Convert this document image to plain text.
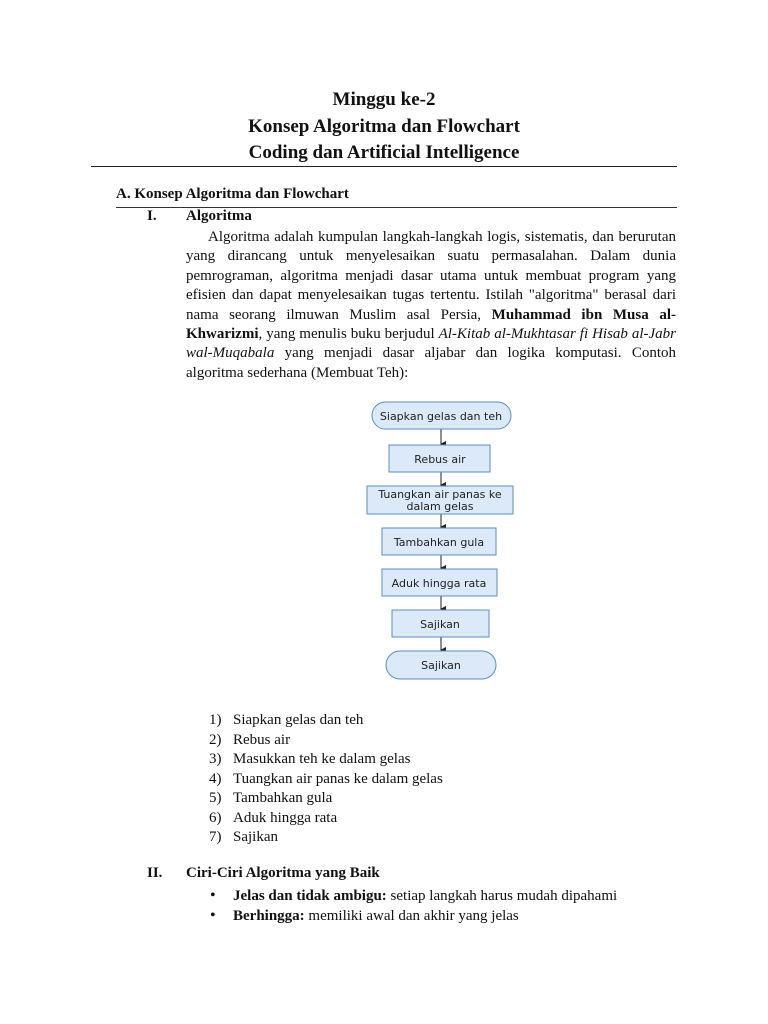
Minggu ke-2
Konsep Algoritma dan Flowchart
Coding dan Artificial Intelligence
A. Konsep Algoritma dan Flowchart
I. Algoritma
Algoritma adalah kumpulan langkah-langkah logis, sistematis, dan berurutan yang dirancang untuk menyelesaikan suatu permasalahan. Dalam dunia pemrograman, algoritma menjadi dasar utama untuk membuat program yang efisien dan dapat menyelesaikan tugas tertentu. Istilah "algoritma" berasal dari nama seorang ilmuwan Muslim asal Persia, Muhammad ibn Musa al-Khwarizmi, yang menulis buku berjudul Al-Kitab al-Mukhtasar fi Hisab al-Jabr wal-Muqabala yang menjadi dasar aljabar dan logika komputasi. Contoh algoritma sederhana (Membuat Teh):
Siapkan gelas dan teh
Rebus air
Tuangkan air panas ke
dalam gelas
Tambahkan gula
Aduk hingga rata
Sajikan
Sajikan
1) Siapkan gelas dan teh
2) Rebus air
3) Masukkan teh ke dalam gelas
4) Tuangkan air panas ke dalam gelas
5) Tambahkan gula
6) Aduk hingga rata
7) Sajikan
II. Ciri-Ciri Algoritma yang Baik
• Jelas dan tidak ambigu: setiap langkah harus mudah dipahami
• Berhingga: memiliki awal dan akhir yang jelas
